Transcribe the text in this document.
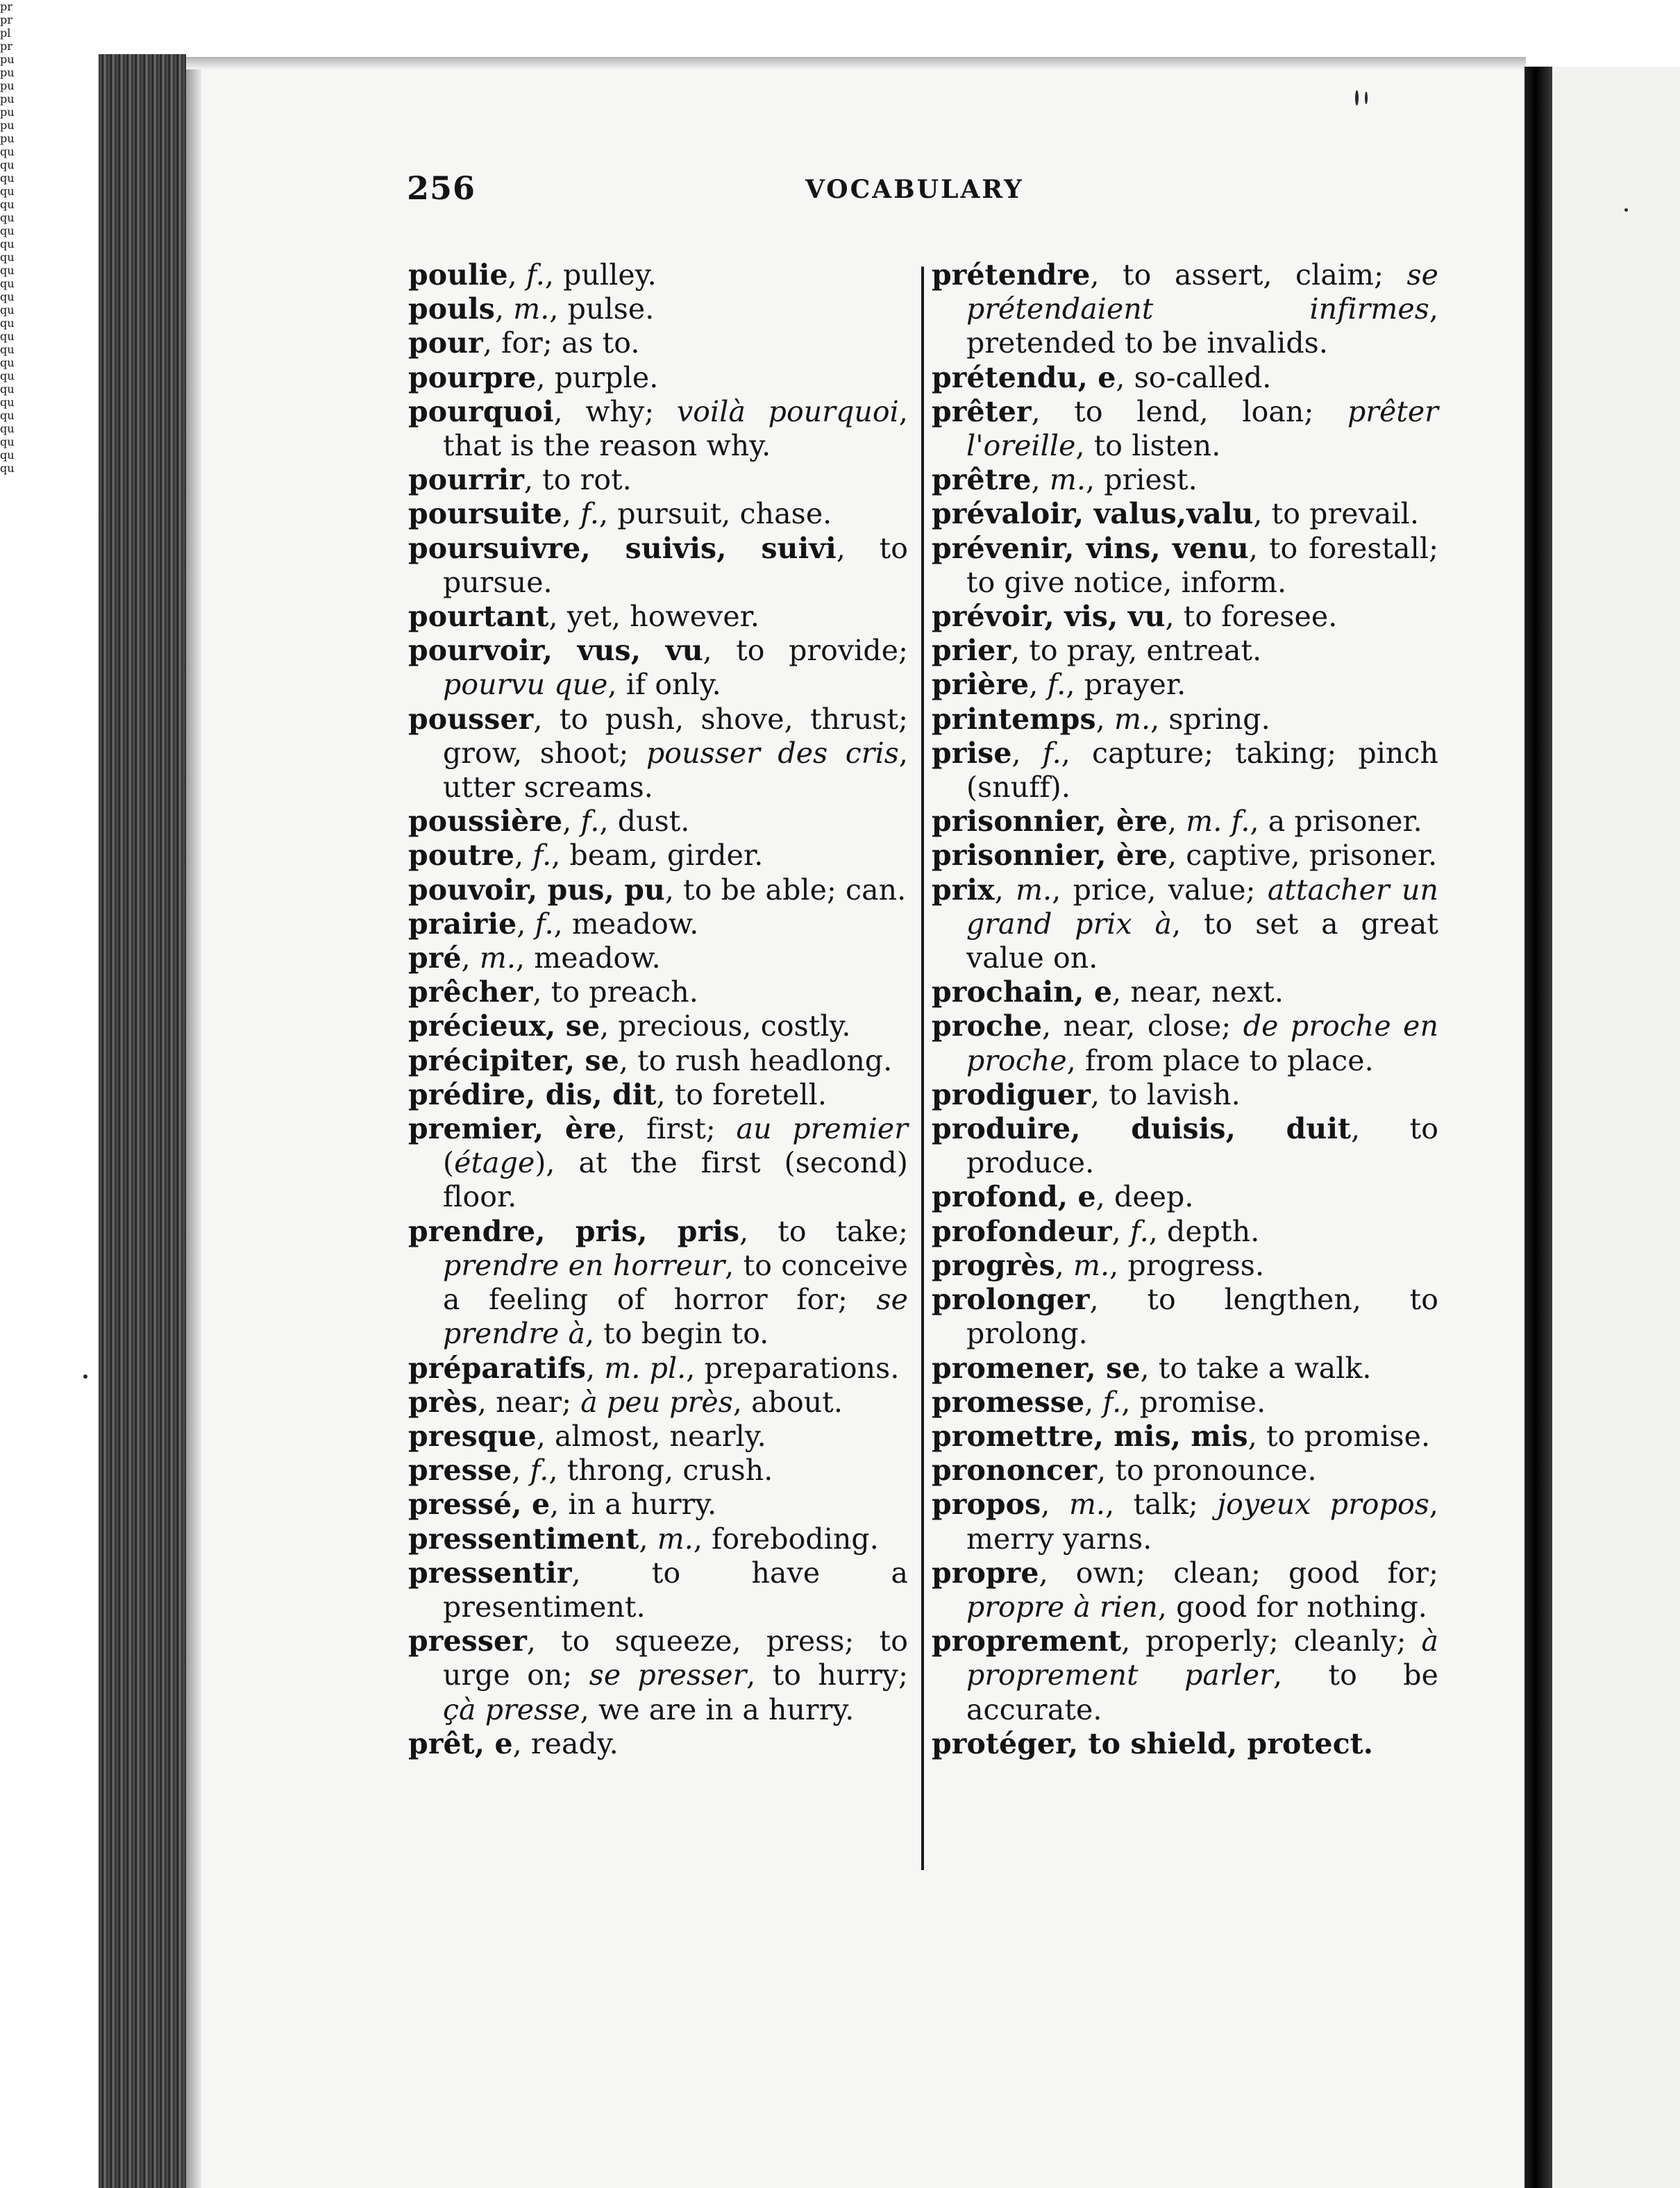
pr
pr
pl
pr
pu
pu
pu
pu
pu
pu
pu
qu
qu
qu
qu
qu
qu
qu
qu
qu
qu
qu
qu
qu
qu
qu
qu
qu
qu
qu
qu
qu
qu
qu
qu
qu
256	VOCABULARY
poulie, f., pulley.
pouls, m., pulse.
pour, for; as to.
pourpre, purple.
pourquoi, why; voilà pourquoi, that is the reason why.
pourrir, to rot.
poursuite, f., pursuit, chase.
poursuivre, suivis, suivi, to pursue.
pourtant, yet, however.
pourvoir, vus, vu, to provide; pourvu que, if only.
pousser, to push, shove, thrust; grow, shoot; pousser des cris, utter screams.
poussière, f., dust.
poutre, f., beam, girder.
pouvoir, pus, pu, to be able; can.
prairie, f., meadow.
pré, m., meadow.
prêcher, to preach.
précieux, se, precious, costly.
précipiter, se, to rush headlong.
prédire, dis, dit, to foretell.
premier, ère, first; au premier (étage), at the first (second) floor.
prendre, pris, pris, to take; prendre en horreur, to conceive a feeling of horror for; se prendre à, to begin to.
préparatifs, m. pl., preparations.
près, near; à peu près, about.
presque, almost, nearly.
presse, f., throng, crush.
pressé, e, in a hurry.
pressentiment, m., foreboding.
pressentir, to have a presentiment.
presser, to squeeze, press; to urge on; se presser, to hurry; çà presse, we are in a hurry.
prêt, e, ready.
prétendre, to assert, claim; se prétendaient infirmes, pretended to be invalids.
prétendu, e, so-called.
prêter, to lend, loan; prêter l'oreille, to listen.
prêtre, m., priest.
prévaloir, valus,valu, to prevail.
prévenir, vins, venu, to forestall; to give notice, inform.
prévoir, vis, vu, to foresee.
prier, to pray, entreat.
prière, f., prayer.
printemps, m., spring.
prise, f., capture; taking; pinch (snuff).
prisonnier, ère, m. f., a prisoner.
prisonnier, ère, captive, prisoner.
prix, m., price, value; attacher un grand prix à, to set a great value on.
prochain, e, near, next.
proche, near, close; de proche en proche, from place to place.
prodiguer, to lavish.
produire, duisis, duit, to produce.
profond, e, deep.
profondeur, f., depth.
progrès, m., progress.
prolonger, to lengthen, to prolong.
promener, se, to take a walk.
promesse, f., promise.
promettre, mis, mis, to promise.
prononcer, to pronounce.
propos, m., talk; joyeux propos, merry yarns.
propre, own; clean; good for; propre à rien, good for nothing.
proprement, properly; cleanly; à proprement parler, to be accurate.
protéger, to shield, protect.
